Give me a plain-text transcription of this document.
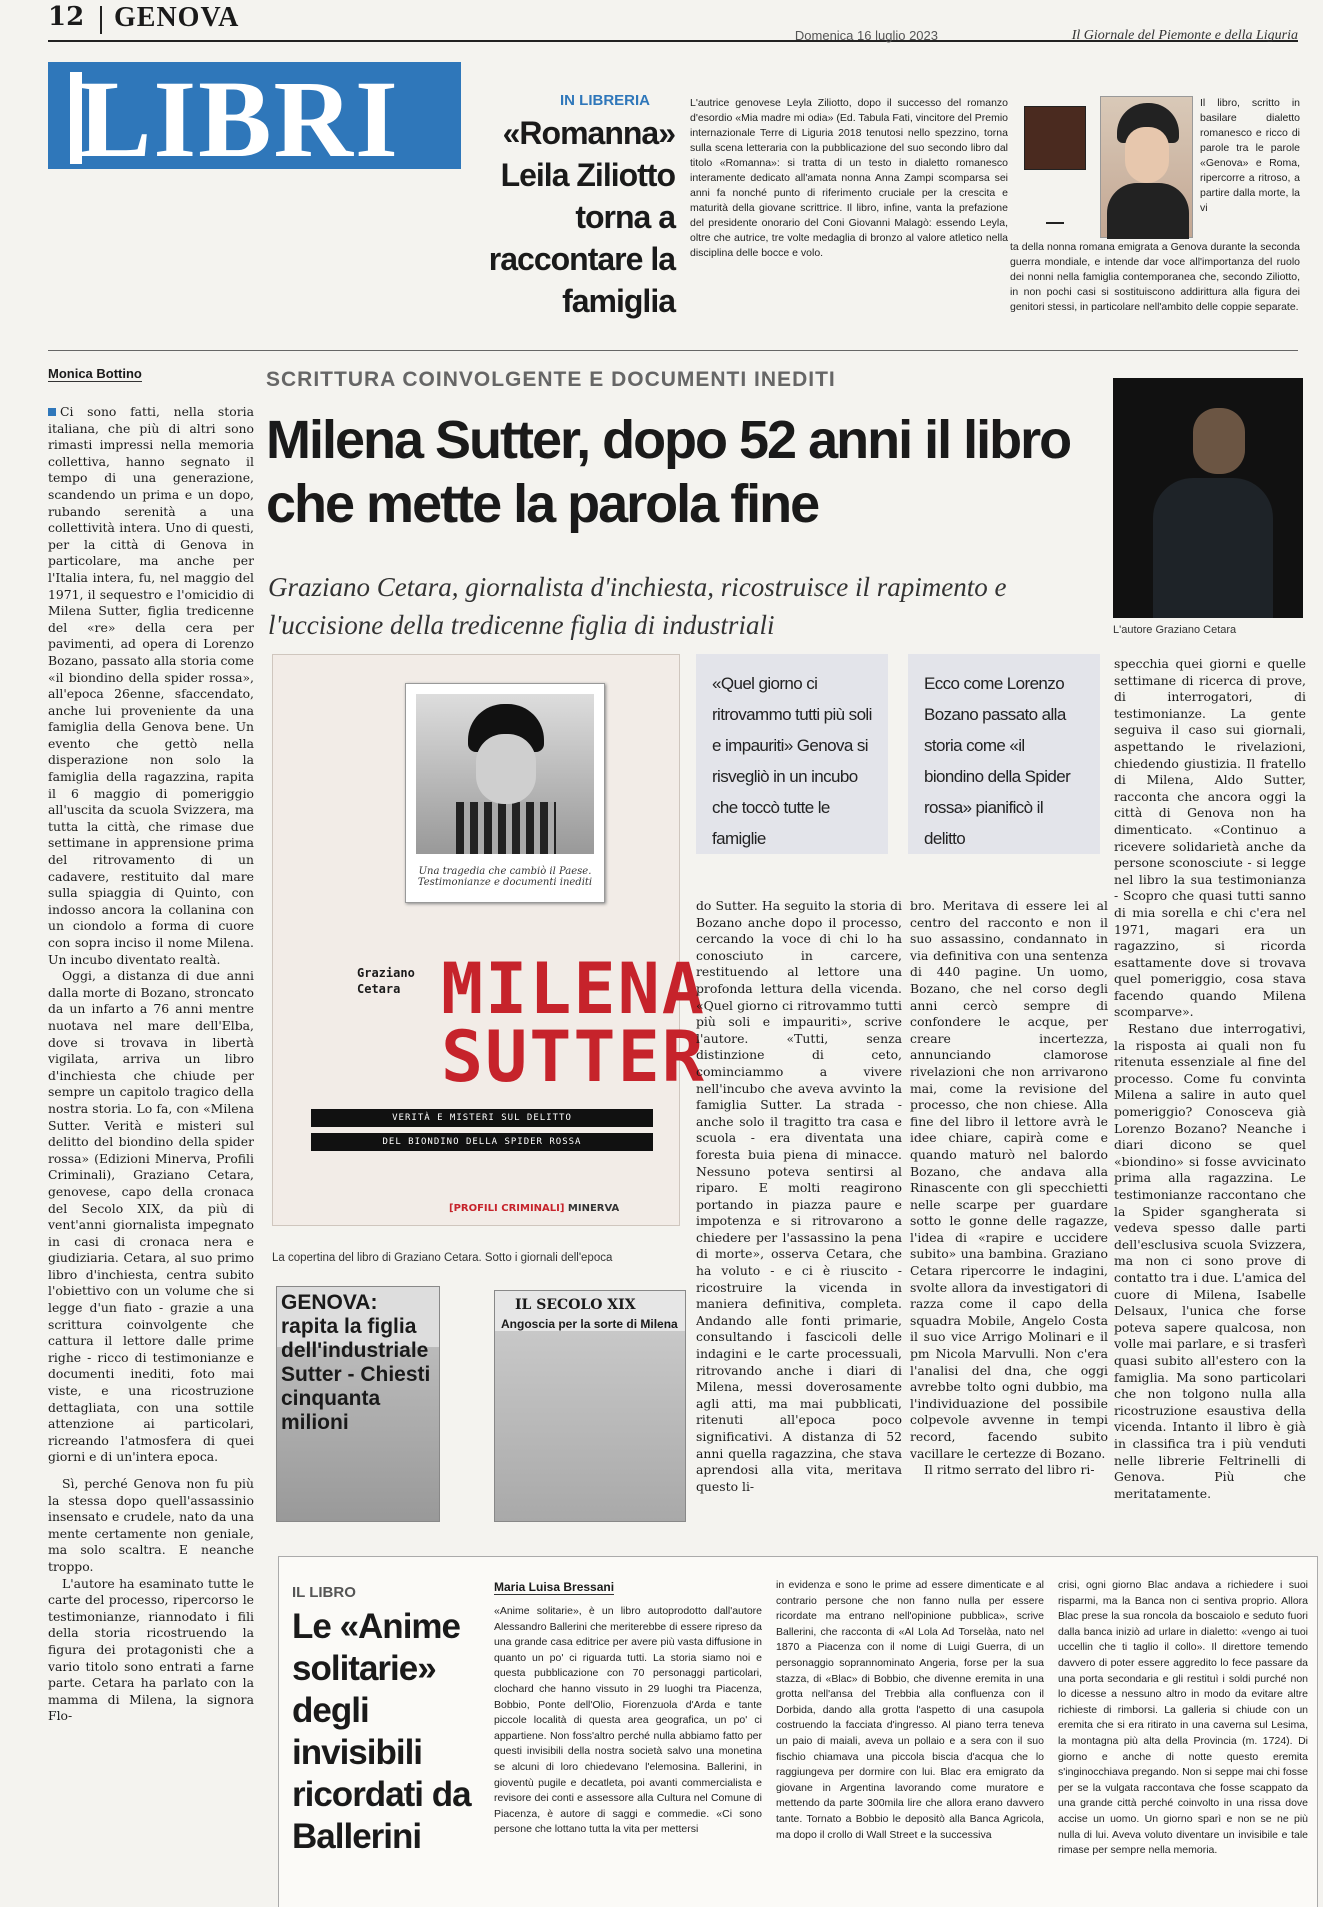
12 GENOVA
Domenica 16 luglio 2023	Il Giornale del Piemonte e della Liguria
LIBRI	IN LIBRERIA
«Romanna» Leila Ziliotto torna a raccontare la famiglia
L'autrice genovese Leyla Ziliotto, dopo il successo del romanzo d'esordio «Mia madre mi odia» (Ed. Tabula Fati, vincitore del Premio internazionale Terre di Liguria 2018 tenutosi nello spezzino, torna sulla scena letteraria con la pubblicazione del suo secondo libro dal titolo «Romanna»: si tratta di un testo in dialetto romanesco interamente dedicato all'amata nonna Anna Zampi scomparsa sei anni fa nonché punto di riferimento cruciale per la crescita e maturità della giovane scrittrice. Il libro, infine, vanta la prefazione del presidente onorario del Coni Giovanni Malagò: essendo Leyla, oltre che autrice, tre volte medaglia di bronzo al valore atletico nella disciplina delle bocce e volo.
Il libro, scritto in basilare dialetto romanesco e ricco di parole tra le parole «Genova» e Roma, ripercorre a ritroso, a partire dalla morte, la vi
ta della nonna romana emigrata a Genova durante la seconda guerra mondiale, e intende dar voce all'importanza del ruolo dei nonni nella famiglia contemporanea che, secondo Ziliotto, in non pochi casi si sostituiscono addirittura alla figura dei genitori stessi, in particolare nell'ambito delle coppie separate.
Monica Bottino	SCRITTURA COINVOLGENTE E DOCUMENTI INEDITI
Milena Sutter, dopo 52 anni il libro che mette la parola fine
Graziano Cetara, giornalista d'inchiesta, ricostruisce il rapimento e l'uccisione della tredicenne figlia di industriali	L'autore Graziano Cetara

Ci sono fatti, nella storia italiana, che più di altri sono rimasti impressi nella memoria collettiva, hanno segnato il tempo di una generazione, scandendo un prima e un dopo, rubando serenità a una collettività intera. Uno di questi, per la città di Genova in particolare, ma anche per l'Italia intera, fu, nel maggio del 1971, il sequestro e l'omicidio di Milena Sutter, figlia tredicenne del «re» della cera per pavimenti, ad opera di Lorenzo Bozano, passato alla storia come «il biondino della spider rossa», all'epoca 26enne, sfaccendato, anche lui proveniente da una famiglia della Genova bene. Un evento che gettò nella disperazione non solo la famiglia della ragazzina, rapita il 6 maggio di pomeriggio all'uscita da scuola Svizzera, ma tutta la città, che rimase due settimane in apprensione prima del ritrovamento di un cadavere, restituito dal mare sulla spiaggia di Quinto, con indosso ancora la collanina con un ciondolo a forma di cuore con sopra inciso il nome Milena. Un incubo diventato realtà.

Oggi, a distanza di due anni dalla morte di Bozano, stroncato da un infarto a 76 anni mentre nuotava nel mare dell'Elba, dove si trovava in libertà vigilata, arriva un libro d'inchiesta che chiude per sempre un capitolo tragico della nostra storia. Lo fa, con «Milena Sutter. Verità e misteri sul delitto del biondino della spider rossa» (Edizioni Minerva, Profili Criminali), Graziano Cetara, genovese, capo della cronaca del Secolo XIX, da più di vent'anni giornalista impegnato in casi di cronaca nera e giudiziaria. Cetara, al suo primo libro d'inchiesta, centra subito l'obiettivo con un volume che si legge d'un fiato - grazie a una scrittura coinvolgente che cattura il lettore dalle prime righe - ricco di testimonianze e documenti inediti, foto mai viste, e una ricostruzione dettagliata, con una sottile attenzione ai particolari, ricreando l'atmosfera di quei giorni e di un'intera epoca.

Sì, perché Genova non fu più la stessa dopo quell'assassinio insensato e crudele, nato da una mente certamente non geniale, ma solo scaltra. E neanche troppo.

L'autore ha esaminato tutte le carte del processo, ripercorso le testimonianze, riannodato i fili della storia ricostruendo la figura dei protagonisti che a vario titolo sono entrati a farne parte. Cetara ha parlato con la mamma di Milena, la signora Flo-

Una tragedia che cambiò il Paese. Testimonianze e documenti inediti
Graziano Cetara MILENA
SUTTER
VERITÀ E MISTERI SUL DELITTO
DEL BIONDINO DELLA SPIDER ROSSA
[PROFILI CRIMINALI] MINERVA
La copertina del libro di Graziano Cetara. Sotto i giornali dell'epoca
GENOVA: rapita la figlia dell'industriale Sutter - Chiesti cinquanta milioni
IL SECOLO XIX
Angoscia per la sorte di Milena
«Quel giorno ci ritrovammo tutti più soli e impauriti» Genova si risvegliò in un incubo che toccò tutte le famiglie
Ecco come Lorenzo Bozano passato alla storia come «il biondino della Spider rossa» pianificò il delitto

do Sutter. Ha seguito la storia di Bozano anche dopo il processo, cercando la voce di chi lo ha conosciuto in carcere, restituendo al lettore una profonda lettura della vicenda. «Quel giorno ci ritrovammo tutti più soli e impauriti», scrive l'autore. «Tutti, senza distinzione di ceto, cominciammo a vivere nell'incubo che aveva avvinto la famiglia Sutter. La strada - anche solo il tragitto tra casa e scuola - era diventata una foresta buia piena di minacce. Nessuno poteva sentirsi al riparo. E molti reagirono portando in piazza paure e impotenza e si ritrovarono a chiedere per l'assassino la pena di morte», osserva Cetara, che ha voluto - e ci è riuscito - ricostruire la vicenda in maniera definitiva, completa. Andando alle fonti primarie, consultando i fascicoli delle indagini e le carte processuali, ritrovando anche i diari di Milena, messi doverosamente agli atti, ma mai pubblicati, ritenuti all'epoca poco significativi. A distanza di 52 anni quella ragazzina, che stava aprendosi alla vita, meritava questo li-

bro. Meritava di essere lei al centro del racconto e non il suo assassino, condannato in via definitiva con una sentenza di 440 pagine. Un uomo, Bozano, che nel corso degli anni cercò sempre di confondere le acque, per creare incertezza, annunciando clamorose rivelazioni che non arrivarono mai, come la revisione del processo, che non chiese. Alla fine del libro il lettore avrà le idee chiare, capirà come e quando maturò nel balordo Bozano, che andava alla Rinascente con gli specchietti nelle scarpe per guardare sotto le gonne delle ragazze, l'idea di «rapire e uccidere subito» una bambina. Graziano Cetara ripercorre le indagini, svolte allora da investigatori di razza come il capo della squadra Mobile, Angelo Costa il suo vice Arrigo Molinari e il pm Nicola Marvulli. Non c'era l'analisi del dna, che oggi avrebbe tolto ogni dubbio, ma l'individuazione del possibile colpevole avvenne in tempi record, facendo subito vacillare le certezze di Bozano.

Il ritmo serrato del libro ri-

specchia quei giorni e quelle settimane di ricerca di prove, di interrogatori, di testimonianze. La gente seguiva il caso sui giornali, aspettando le rivelazioni, chiedendo giustizia. Il fratello di Milena, Aldo Sutter, racconta che ancora oggi la città di Genova non ha dimenticato. «Continuo a ricevere solidarietà anche da persone sconosciute - si legge nel libro la sua testimonianza - Scopro che quasi tutti sanno di mia sorella e chi c'era nel 1971, magari era un ragazzino, si ricorda esattamente dove si trovava quel pomeriggio, cosa stava facendo quando Milena scomparve».

Restano due interrogativi, la risposta ai quali non fu ritenuta essenziale al fine del processo. Come fu convinta Milena a salire in auto quel pomeriggio? Conosceva già Lorenzo Bozano? Neanche i diari dicono se quel «biondino» si fosse avvicinato prima alla ragazzina. Le testimonianze raccontano che la Spider sgangherata si vedeva spesso dalle parti dell'esclusiva scuola Svizzera, ma non ci sono prove di contatto tra i due. L'amica del cuore di Milena, Isabelle Delsaux, l'unica che forse poteva sapere qualcosa, non volle mai parlare, e si trasferì quasi subito all'estero con la famiglia. Ma sono particolari che non tolgono nulla alla ricostruzione esaustiva della vicenda. Intanto il libro è già in classifica tra i più venduti nelle librerie Feltrinelli di Genova. Più che meritatamente.

IL LIBRO
Le «Anime solitarie» degli invisibili ricordati da Ballerini
Maria Luisa Bressani
«Anime solitarie», è un libro autoprodotto dall'autore Alessandro Ballerini che meriterebbe di essere ripreso da una grande casa editrice per avere più vasta diffusione in quanto un po' ci riguarda tutti. La storia siamo noi e questa pubblicazione con 70 personaggi particolari, clochard che hanno vissuto in 29 luoghi tra Piacenza, Bobbio, Ponte dell'Olio, Fiorenzuola d'Arda e tante piccole località di questa area geografica, un po' ci appartiene. Non foss'altro perché nulla abbiamo fatto per questi invisibili della nostra società salvo una monetina se alcuni di loro chiedevano l'elemosina. Ballerini, in gioventù pugile e decatleta, poi avanti commercialista e revisore dei conti e assessore alla Cultura nel Comune di Piacenza, è autore di saggi e commedie. «Ci sono persone che lottano tutta la vita per mettersi
in evidenza e sono le prime ad essere dimenticate e al contrario persone che non fanno nulla per essere ricordate ma entrano nell'opinione pubblica», scrive Ballerini, che racconta di «Al Lola Ad Torselàa, nato nel 1870 a Piacenza con il nome di Luigi Guerra, di un personaggio soprannominato Angeria, forse per la sua stazza, di «Blac» di Bobbio, che divenne eremita in una grotta nell'ansa del Trebbia alla confluenza con il Dorbida, dando alla grotta l'aspetto di una casupola costruendo la facciata d'ingresso. Al piano terra teneva un paio di maiali, aveva un pollaio e a sera con il suo fischio chiamava una piccola biscia d'acqua che lo raggiungeva per dormire con lui. Blac era emigrato da giovane in Argentina lavorando come muratore e mettendo da parte 300mila lire che allora erano davvero tante. Tornato a Bobbio le depositò alla Banca Agricola, ma dopo il crollo di Wall Street e la successiva
crisi, ogni giorno Blac andava a richiedere i suoi risparmi, ma la Banca non ci sentiva proprio. Allora Blac prese la sua roncola da boscaiolo e seduto fuori dalla banca iniziò ad urlare in dialetto: «vengo ai tuoi uccellin che ti taglio il collo». Il direttore temendo davvero di poter essere aggredito lo fece passare da una porta secondaria e gli restituì i soldi purché non lo dicesse a nessuno altro in modo da evitare altre richieste di rimborsi. La galleria si chiude con un eremita che si era ritirato in una caverna sul Lesima, la montagna più alta della Provincia (m. 1724). Di giorno e anche di notte questo eremita s'inginocchiava pregando. Non si seppe mai chi fosse per se la vulgata raccontava che fosse scappato da una grande città perché coinvolto in una rissa dove accise un uomo. Un giorno sparì e non se ne più nulla di lui. Aveva voluto diventare un invisibile e tale rimase per sempre nella memoria.
